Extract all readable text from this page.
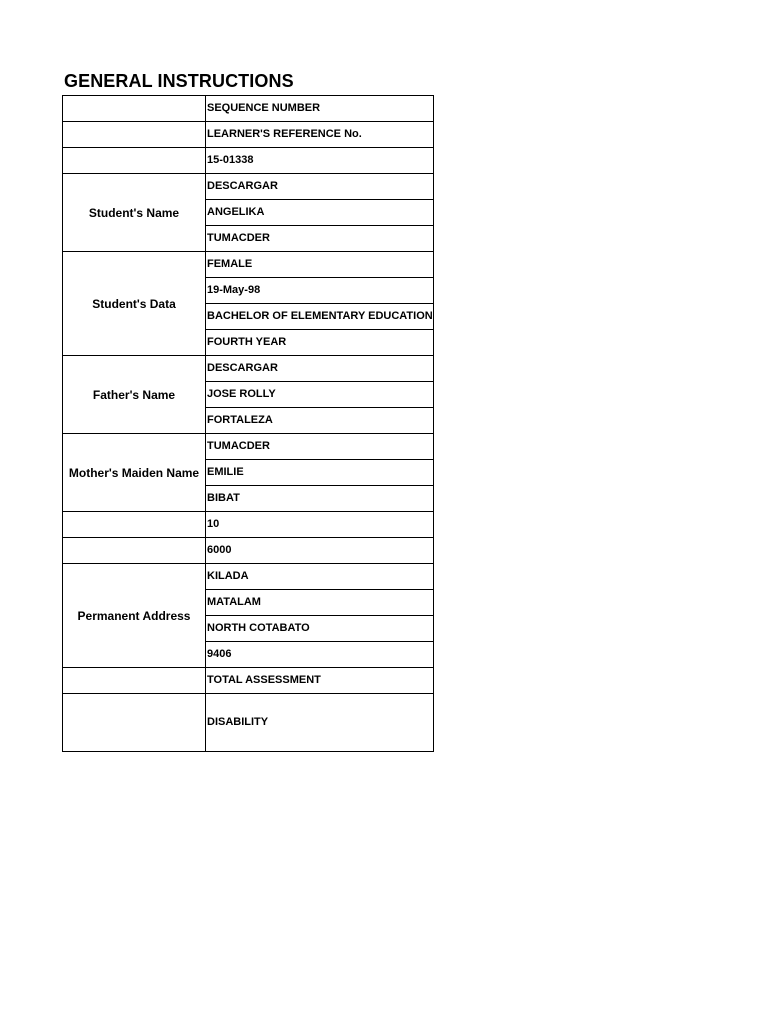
GENERAL INSTRUCTIONS
	SEQUENCE NUMBER
	LEARNER'S REFERENCE No.
	15-01338
Student's Name	DESCARGAR
	ANGELIKA
	TUMACDER
Student's Data	FEMALE
	19-May-98
	BACHELOR OF ELEMENTARY EDUCATION
	FOURTH YEAR
Father's Name	DESCARGAR
	JOSE ROLLY
	FORTALEZA
Mother's Maiden Name	TUMACDER
	EMILIE
	BIBAT
	10
	6000
Permanent Address	KILADA
	MATALAM
	NORTH COTABATO
	9406
	TOTAL ASSESSMENT
	DISABILITY
